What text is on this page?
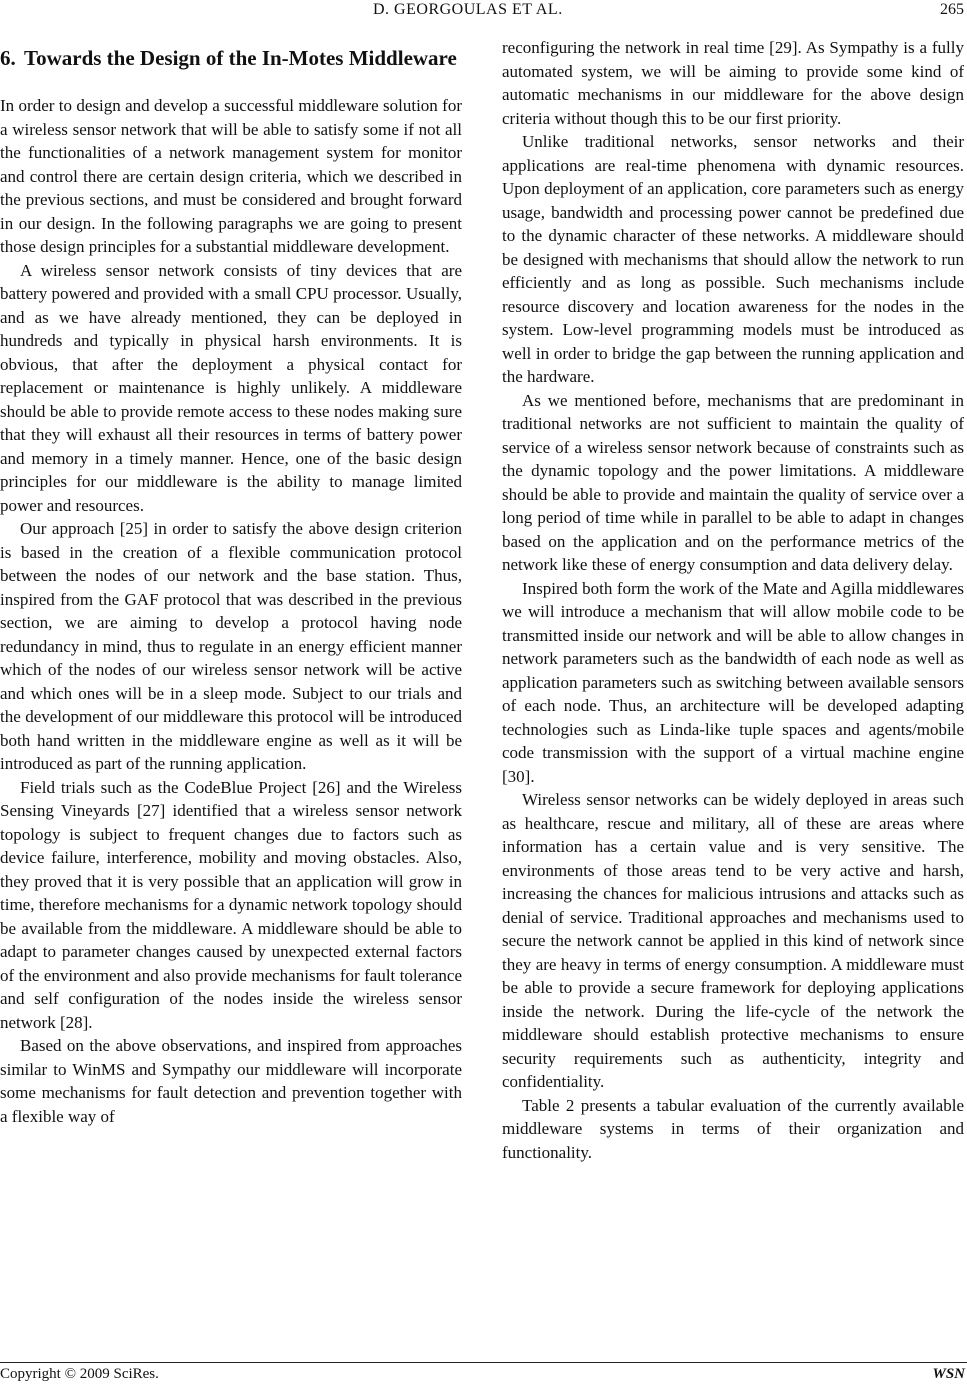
D. GEORGOULAS ET AL.	265
6. Towards the Design of the In-Motes Middleware

In order to design and develop a successful middleware solution for a wireless sensor network that will be able to satisfy some if not all the functionalities of a network management system for monitor and control there are certain design criteria, which we described in the previous sections, and must be considered and brought forward in our design. In the following paragraphs we are going to present those design principles for a substantial middleware development.

A wireless sensor network consists of tiny devices that are battery powered and provided with a small CPU processor. Usually, and as we have already mentioned, they can be deployed in hundreds and typically in physical harsh environments. It is obvious, that after the deployment a physical contact for replacement or maintenance is highly unlikely. A middleware should be able to provide remote access to these nodes making sure that they will exhaust all their resources in terms of battery power and memory in a timely manner. Hence, one of the basic design principles for our middleware is the ability to manage limited power and resources.

Our approach [25] in order to satisfy the above design criterion is based in the creation of a flexible communication protocol between the nodes of our network and the base station. Thus, inspired from the GAF protocol that was described in the previous section, we are aiming to develop a protocol having node redundancy in mind, thus to regulate in an energy efficient manner which of the nodes of our wireless sensor network will be active and which ones will be in a sleep mode. Subject to our trials and the development of our middleware this protocol will be introduced both hand written in the middleware engine as well as it will be introduced as part of the running application.

Field trials such as the CodeBlue Project [26] and the Wireless Sensing Vineyards [27] identified that a wireless sensor network topology is subject to frequent changes due to factors such as device failure, interference, mobility and moving obstacles. Also, they proved that it is very possible that an application will grow in time, therefore mechanisms for a dynamic network topology should be available from the middleware. A middleware should be able to adapt to parameter changes caused by unexpected external factors of the environment and also provide mechanisms for fault tolerance and self configuration of the nodes inside the wireless sensor network [28].

Based on the above observations, and inspired from approaches similar to WinMS and Sympathy our middleware will incorporate some mechanisms for fault detection and prevention together with a flexible way of

reconfiguring the network in real time [29]. As Sympathy is a fully automated system, we will be aiming to provide some kind of automatic mechanisms in our middleware for the above design criteria without though this to be our first priority.

Unlike traditional networks, sensor networks and their applications are real-time phenomena with dynamic resources. Upon deployment of an application, core parameters such as energy usage, bandwidth and processing power cannot be predefined due to the dynamic character of these networks. A middleware should be designed with mechanisms that should allow the network to run efficiently and as long as possible. Such mechanisms include resource discovery and location awareness for the nodes in the system. Low-level programming models must be introduced as well in order to bridge the gap between the running application and the hardware.

As we mentioned before, mechanisms that are predominant in traditional networks are not sufficient to maintain the quality of service of a wireless sensor network because of constraints such as the dynamic topology and the power limitations. A middleware should be able to provide and maintain the quality of service over a long period of time while in parallel to be able to adapt in changes based on the application and on the performance metrics of the network like these of energy consumption and data delivery delay.

Inspired both form the work of the Mate and Agilla middlewares we will introduce a mechanism that will allow mobile code to be transmitted inside our network and will be able to allow changes in network parameters such as the bandwidth of each node as well as application parameters such as switching between available sensors of each node. Thus, an architecture will be developed adapting technologies such as Linda-like tuple spaces and agents/mobile code transmission with the support of a virtual machine engine [30].

Wireless sensor networks can be widely deployed in areas such as healthcare, rescue and military, all of these are areas where information has a certain value and is very sensitive. The environments of those areas tend to be very active and harsh, increasing the chances for malicious intrusions and attacks such as denial of service. Traditional approaches and mechanisms used to secure the network cannot be applied in this kind of network since they are heavy in terms of energy consumption. A middleware must be able to provide a secure framework for deploying applications inside the network. During the life-cycle of the network the middleware should establish protective mechanisms to ensure security requirements such as authenticity, integrity and confidentiality.

Table 2 presents a tabular evaluation of the currently available middleware systems in terms of their organization and functionality.

Copyright © 2009 SciRes.	WSN
